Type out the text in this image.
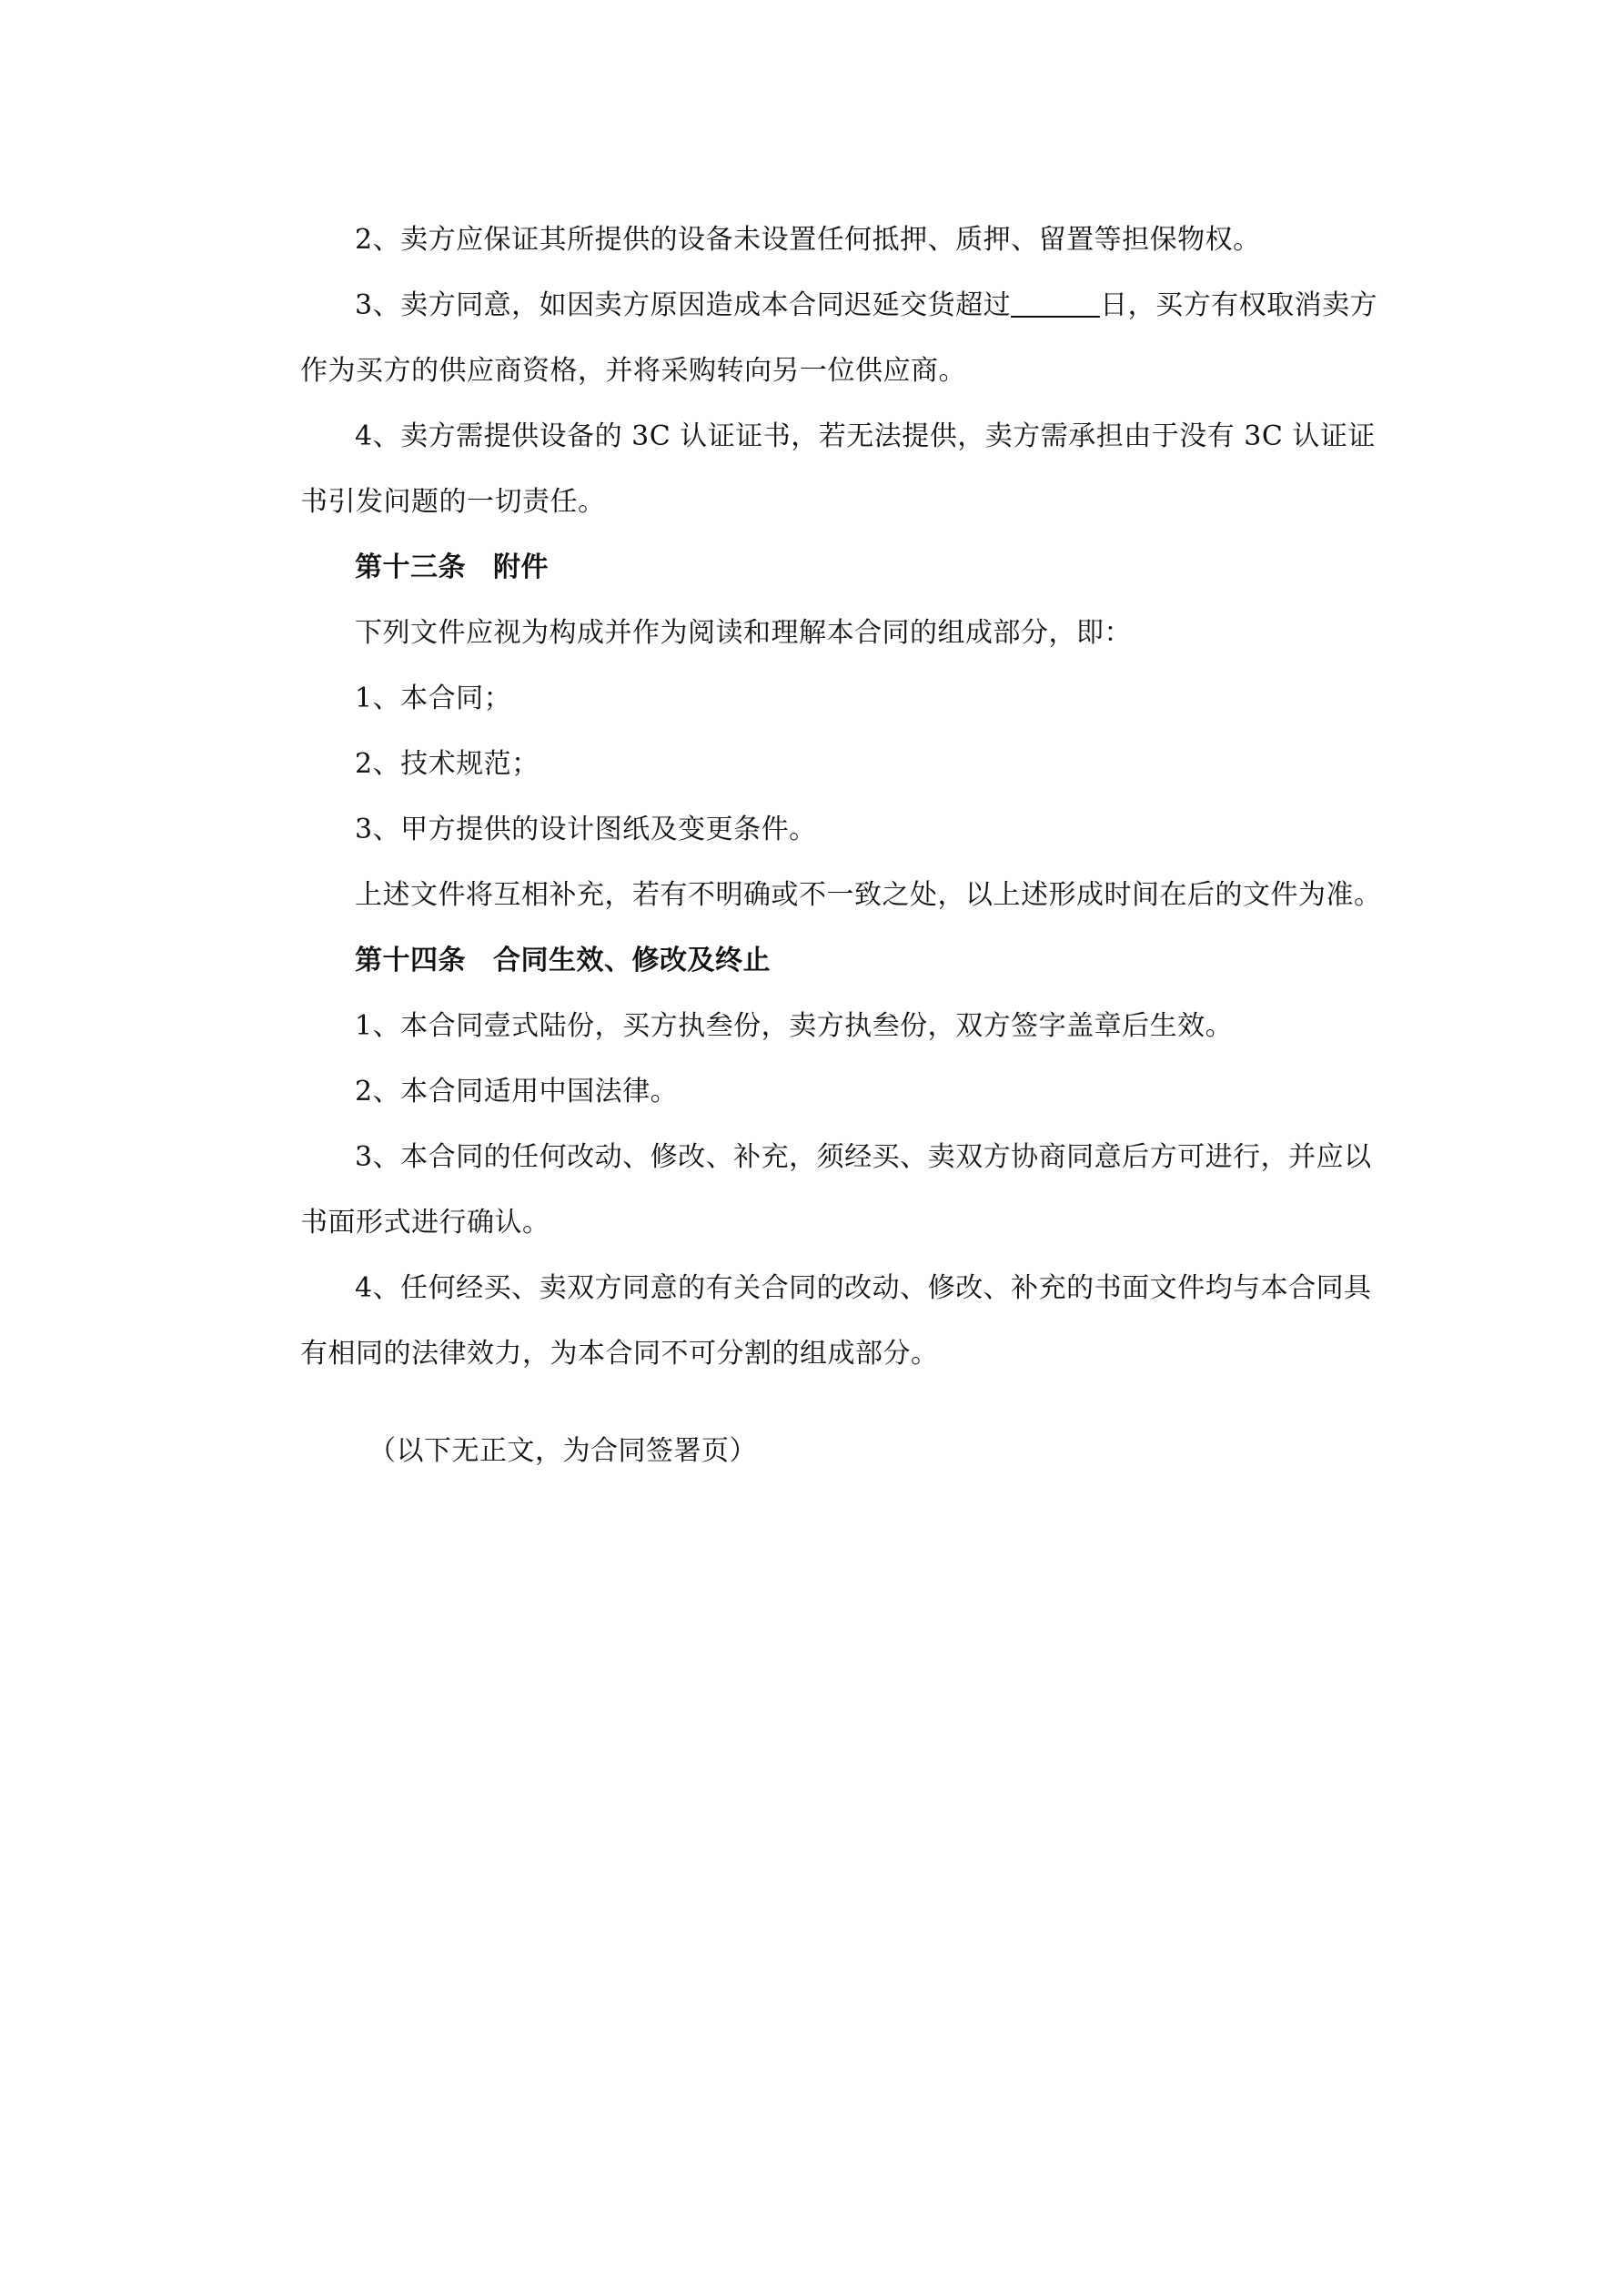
2、卖方应保证其所提供的设备未设置任何抵押、质押、留置等担保物权。

3、卖方同意，如因卖方原因造成本合同迟延交货超过	日，买方有权取消卖方作为买方的供应商资格，并将采购转向另一位供应商。

4、卖方需提供设备的 3C 认证证书，若无法提供，卖方需承担由于没有 3C 认证证书引发问题的一切责任。

第十三条 附件

下列文件应视为构成并作为阅读和理解本合同的组成部分，即：

1、本合同；

2、技术规范；

3、甲方提供的设计图纸及变更条件。

上述文件将互相补充，若有不明确或不一致之处，以上述形成时间在后的文件为准。

第十四条 合同生效、修改及终止

1、本合同壹式陆份，买方执叁份，卖方执叁份，双方签字盖章后生效。

2、本合同适用中国法律。

3、本合同的任何改动、修改、补充，须经买、卖双方协商同意后方可进行，并应以书面形式进行确认。

4、任何经买、卖双方同意的有关合同的改动、修改、补充的书面文件均与本合同具有相同的法律效力，为本合同不可分割的组成部分。

（以下无正文，为合同签署页）
